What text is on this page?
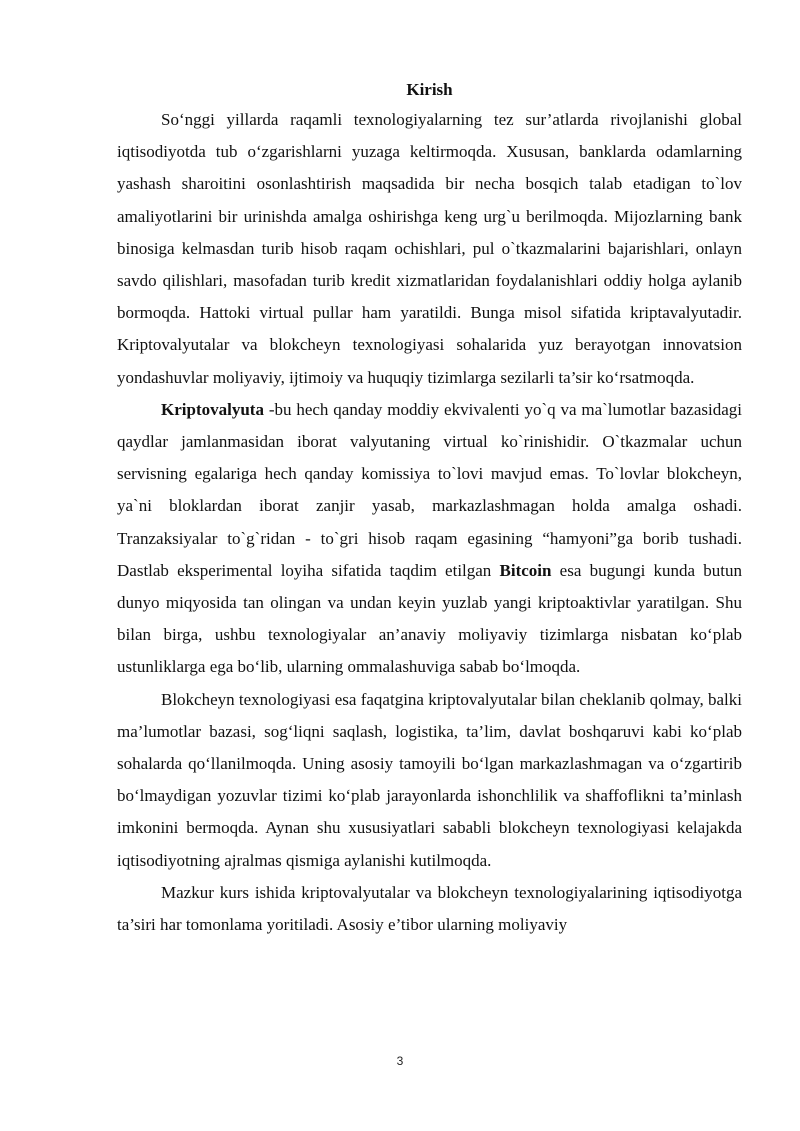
Kirish

So‘nggi yillarda raqamli texnologiyalarning tez sur’atlarda rivojlanishi global iqtisodiyotda tub o‘zgarishlarni yuzaga keltirmoqda. Xususan, banklarda odamlarning yashash sharoitini osonlashtirish maqsadida bir necha bosqich talab etadigan to`lov amaliyotlarini bir urinishda amalga oshirishga keng urg`u berilmoqda. Mijozlarning bank binosiga kelmasdan turib hisob raqam ochishlari, pul o`tkazmalarini bajarishlari, onlayn savdo qilishlari, masofadan turib kredit xizmatlaridan foydalanishlari oddiy holga aylanib bormoqda. Hattoki virtual pullar ham yaratildi. Bunga misol sifatida kriptavalyutadir. Kriptovalyutalar va blokcheyn texnologiyasi sohalarida yuz berayotgan innovatsion yondashuvlar moliyaviy, ijtimoiy va huquqiy tizimlarga sezilarli ta’sir ko‘rsatmoqda.

Kriptovalyuta -bu hech qanday moddiy ekvivalenti yo`q va ma`lumotlar bazasidagi qaydlar jamlanmasidan iborat valyutaning virtual ko`rinishidir. O`tkazmalar uchun servisning egalariga hech qanday komissiya to`lovi mavjud emas. To`lovlar blokcheyn, ya`ni bloklardan iborat zanjir yasab, markazlashmagan holda amalga oshadi. Tranzaksiyalar to`g`ridan - to`gri hisob raqam egasining “hamyoni”ga borib tushadi. Dastlab eksperimental loyiha sifatida taqdim etilgan Bitcoin esa bugungi kunda butun dunyo miqyosida tan olingan va undan keyin yuzlab yangi kriptoaktivlar yaratilgan. Shu bilan birga, ushbu texnologiyalar an’anaviy moliyaviy tizimlarga nisbatan ko‘plab ustunliklarga ega bo‘lib, ularning ommalashuviga sabab bo‘lmoqda.

Blokcheyn texnologiyasi esa faqatgina kriptovalyutalar bilan cheklanib qolmay, balki ma’lumotlar bazasi, sog‘liqni saqlash, logistika, ta’lim, davlat boshqaruvi kabi ko‘plab sohalarda qo‘llanilmoqda. Uning asosiy tamoyili bo‘lgan markazlashmagan va o‘zgartirib bo‘lmaydigan yozuvlar tizimi ko‘plab jarayonlarda ishonchlilik va shaffoflikni ta’minlash imkonini bermoqda. Aynan shu xususiyatlari sababli blokcheyn texnologiyasi kelajakda iqtisodiyotning ajralmas qismiga aylanishi kutilmoqda.

Mazkur kurs ishida kriptovalyutalar va blokcheyn texnologiyalarining iqtisodiyotga ta’siri har tomonlama yoritiladi. Asosiy e’tibor ularning moliyaviy

3
